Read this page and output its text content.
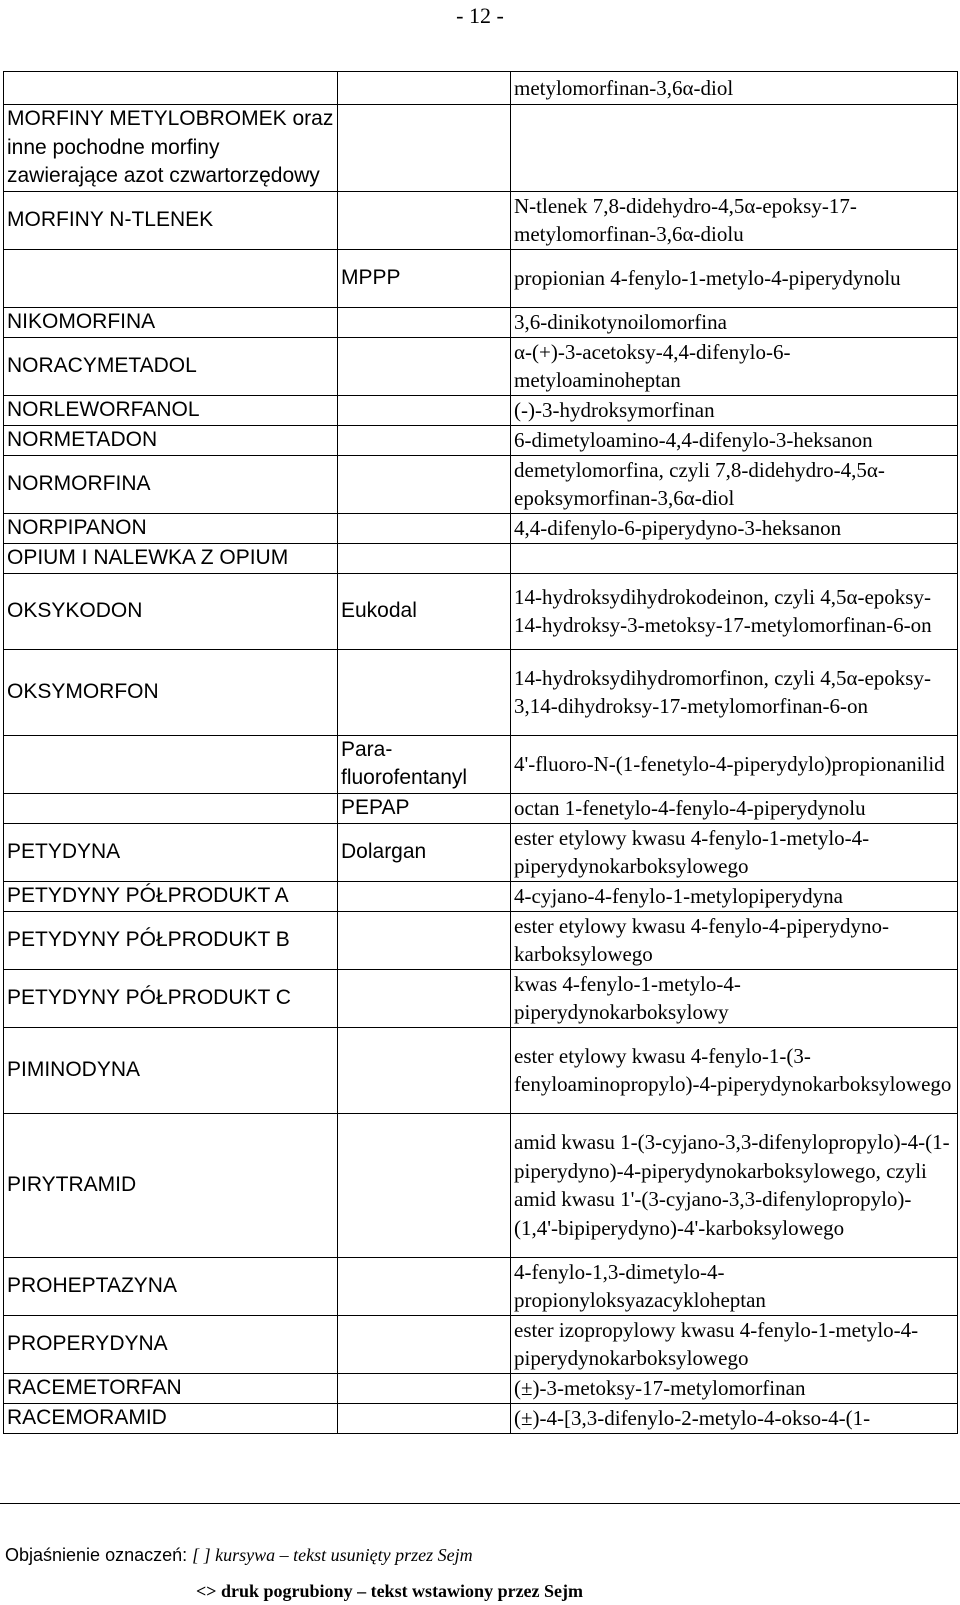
- 12 -
		metylomorfinan-3,6α-diol
MORFINY METYLOBROMEK oraz inne pochodne morfiny zawierające azot czwartorzędowy		
MORFINY N-TLENEK		N-tlenek 7,8-didehydro-4,5α-epoksy-17-metylomorfinan-3,6α-diolu
	MPPP	propionian 4-fenylo-1-metylo-4-piperydynolu
NIKOMORFINA		3,6-dinikotynoilomorfina
NORACYMETADOL		α-(+)-3-acetoksy-4,4-difenylo-6-metyloaminoheptan
NORLEWORFANOL		(-)-3-hydroksymorfinan
NORMETADON		6-dimetyloamino-4,4-difenylo-3-heksanon
NORMORFINA		demetylomorfina, czyli 7,8-didehydro-4,5α-epoksymorfinan-3,6α-diol
NORPIPANON		4,4-difenylo-6-piperydyno-3-heksanon
OPIUM I NALEWKA Z OPIUM		
OKSYKODON	Eukodal	14-hydroksydihydrokodeinon, czyli 4,5α-epoksy-14-hydroksy-3-metoksy-17-metylomorfinan-6-on
OKSYMORFON		14-hydroksydihydromorfinon, czyli 4,5α-epoksy-3,14-dihydroksy-17-metylomorfinan-6-on
	Para-fluorofentanyl	4'-fluoro-N-(1-fenetylo-4-piperydylo)propionanilid
	PEPAP	octan 1-fenetylo-4-fenylo-4-piperydynolu
PETYDYNA	Dolargan	ester etylowy kwasu 4-fenylo-1-metylo-4-piperydynokarboksylowego
PETYDYNY PÓŁPRODUKT A		4-cyjano-4-fenylo-1-metylopiperydyna
PETYDYNY PÓŁPRODUKT B		ester etylowy kwasu 4-fenylo-4-piperydyno-karboksylowego
PETYDYNY PÓŁPRODUKT C		kwas 4-fenylo-1-metylo-4-piperydynokarboksylowy
PIMINODYNA		ester etylowy kwasu 4-fenylo-1-(3-fenyloaminopropylo)-4-piperydynokarboksylowego
PIRYTRAMID		amid kwasu 1-(3-cyjano-3,3-difenylopropylo)-4-(1-piperydyno)-4-piperydynokarboksylowego, czyli amid kwasu 1'-(3-cyjano-3,3-difenylopropylo)-(1,4'-bipiperydyno)-4'-karboksylowego
PROHEPTAZYNA		4-fenylo-1,3-dimetylo-4-propionyloksyazacykloheptan
PROPERYDYNA		ester izopropylowy kwasu 4-fenylo-1-metylo-4-piperydynokarboksylowego
RACEMETORFAN		(±)-3-metoksy-17-metylomorfinan
RACEMORAMID		(±)-4-[3,3-difenylo-2-metylo-4-okso-4-(1-
Objaśnienie oznaczeń: [ ] kursywa – tekst usunięty przez Sejm
<> druk pogrubiony – tekst wstawiony przez Sejm
